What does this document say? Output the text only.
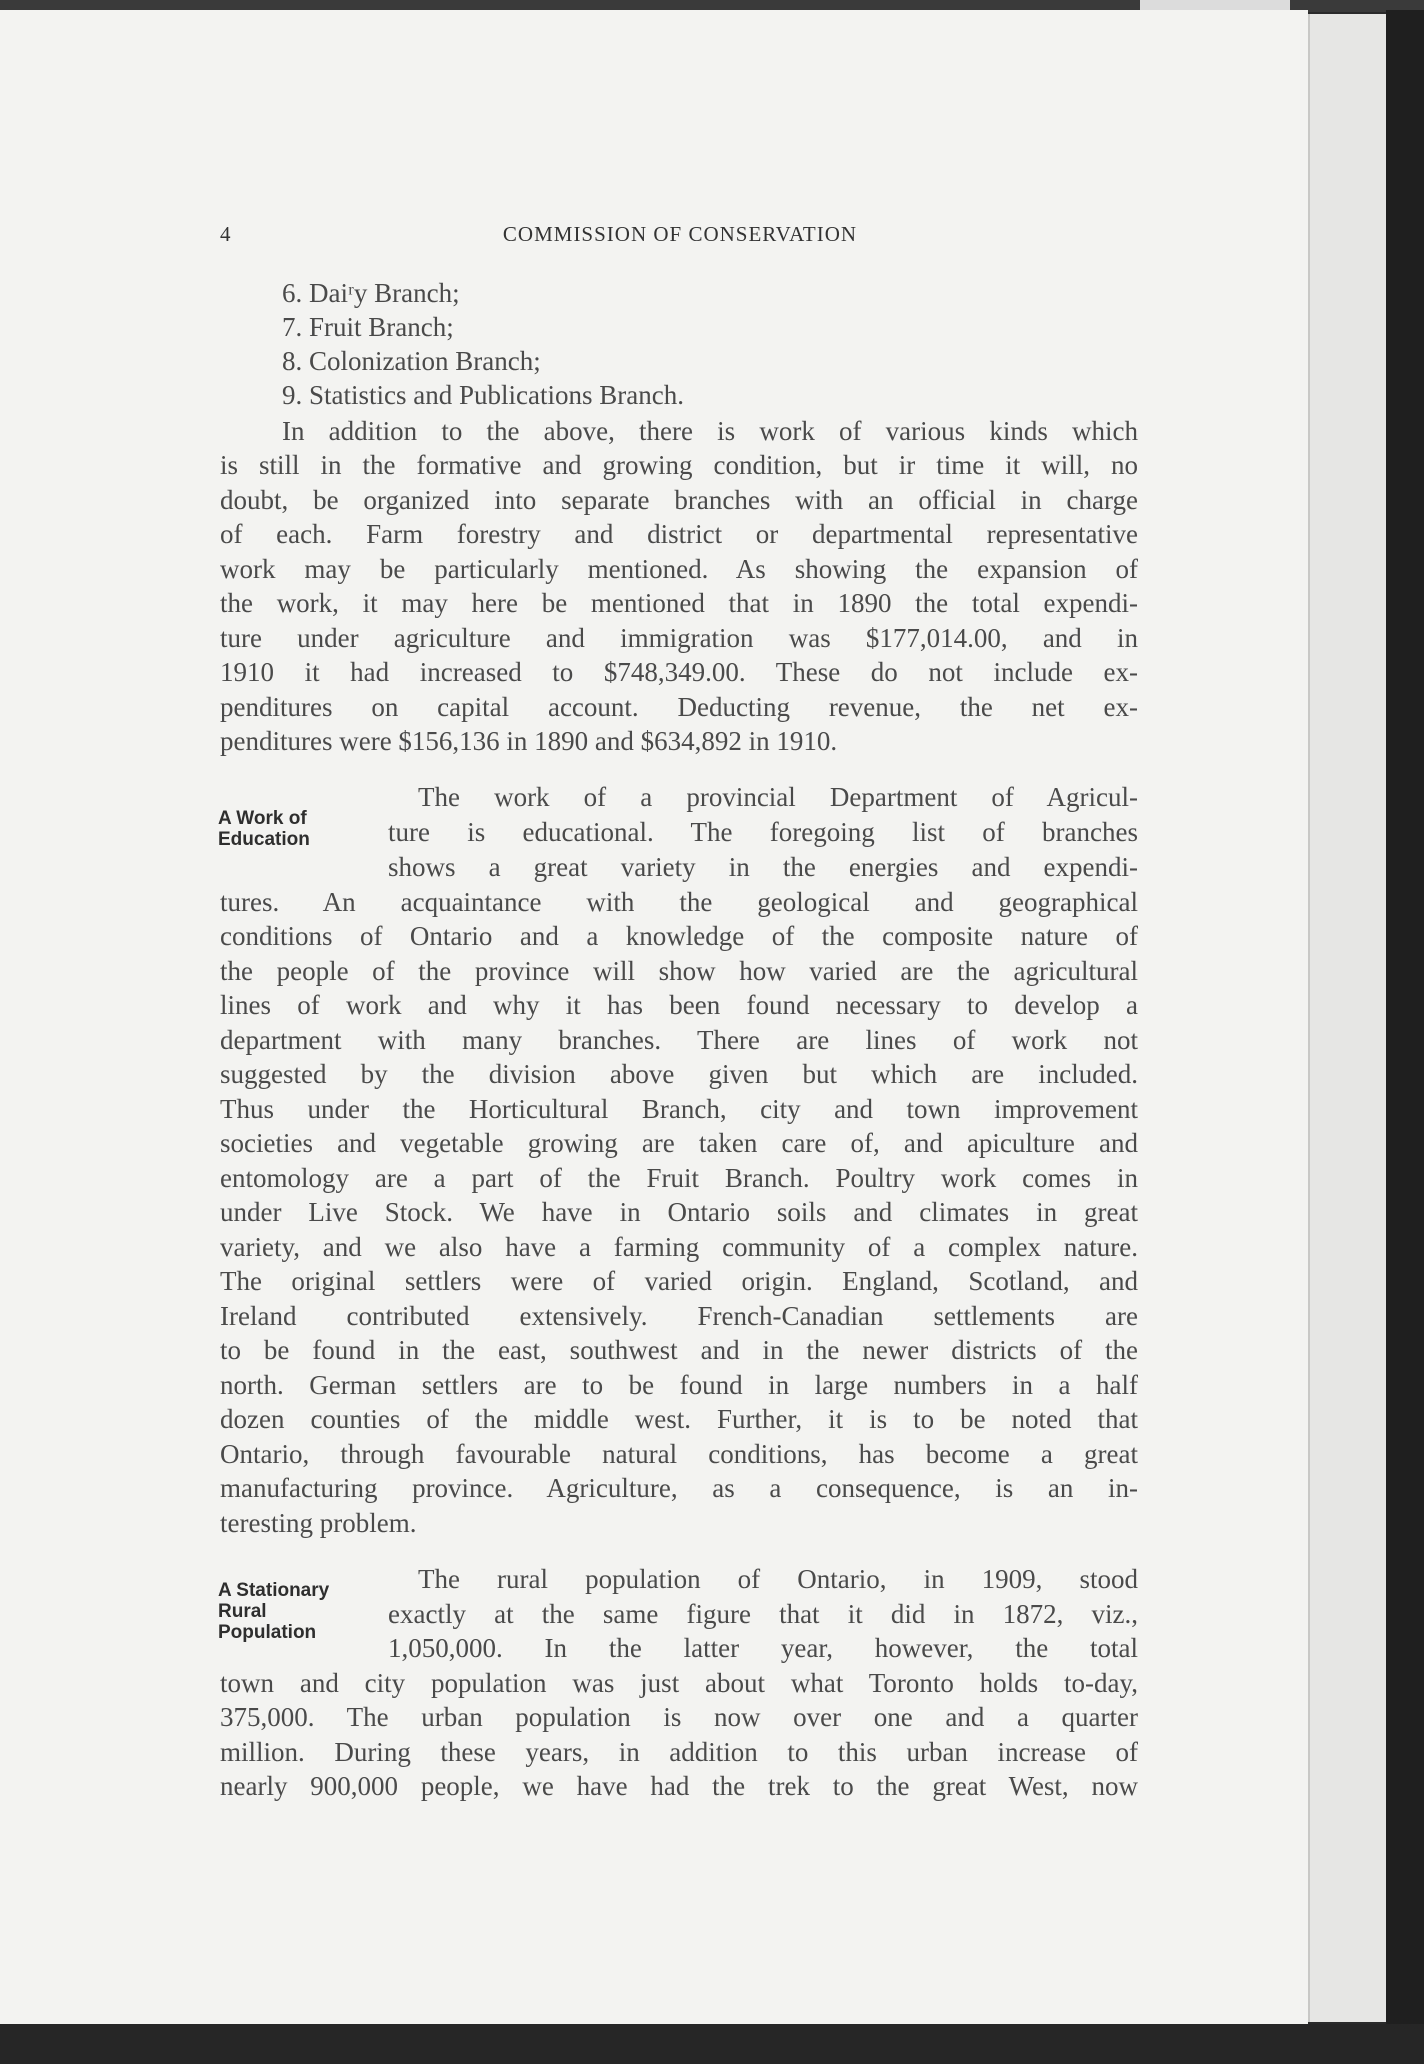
4	COMMISSION OF CONSERVATION
6. Daiʳy Branch;
7. Fruit Branch;
8. Colonization Branch;
9. Statistics and Publications Branch.
In addition to the above, there is work of various kinds which
is still in the formative and growing condition, but ir time it will, no
doubt, be organized into separate branches with an official in charge
of each. Farm forestry and district or departmental representative
work may be particularly mentioned. As showing the expansion of
the work, it may here be mentioned that in 1890 the total expendi-
ture under agriculture and immigration was $177,014.00, and in
1910 it had increased to $748,349.00. These do not include ex-
penditures on capital account. Deducting revenue, the net ex-
penditures were $156,136 in 1890 and $634,892 in 1910.
A Work of
Education
The work of a provincial Department of Agricul-
ture is educational. The foregoing list of branches
shows a great variety in the energies and expendi-
tures. An acquaintance with the geological and geographical
conditions of Ontario and a knowledge of the composite nature of
the people of the province will show how varied are the agricultural
lines of work and why it has been found necessary to develop a
department with many branches. There are lines of work not
suggested by the division above given but which are included.
Thus under the Horticultural Branch, city and town improvement
societies and vegetable growing are taken care of, and apiculture and
entomology are a part of the Fruit Branch. Poultry work comes in
under Live Stock. We have in Ontario soils and climates in great
variety, and we also have a farming community of a complex nature.
The original settlers were of varied origin. England, Scotland, and
Ireland contributed extensively. French-Canadian settlements are
to be found in the east, southwest and in the newer districts of the
north. German settlers are to be found in large numbers in a half
dozen counties of the middle west. Further, it is to be noted that
Ontario, through favourable natural conditions, has become a great
manufacturing province. Agriculture, as a consequence, is an in-
teresting problem.
A Stationary
Rural
Population
The rural population of Ontario, in 1909, stood
exactly at the same figure that it did in 1872, viz.,
1,050,000. In the latter year, however, the total
town and city population was just about what Toronto holds to-day,
375,000. The urban population is now over one and a quarter
million. During these years, in addition to this urban increase of
nearly 900,000 people, we have had the trek to the great West, now
